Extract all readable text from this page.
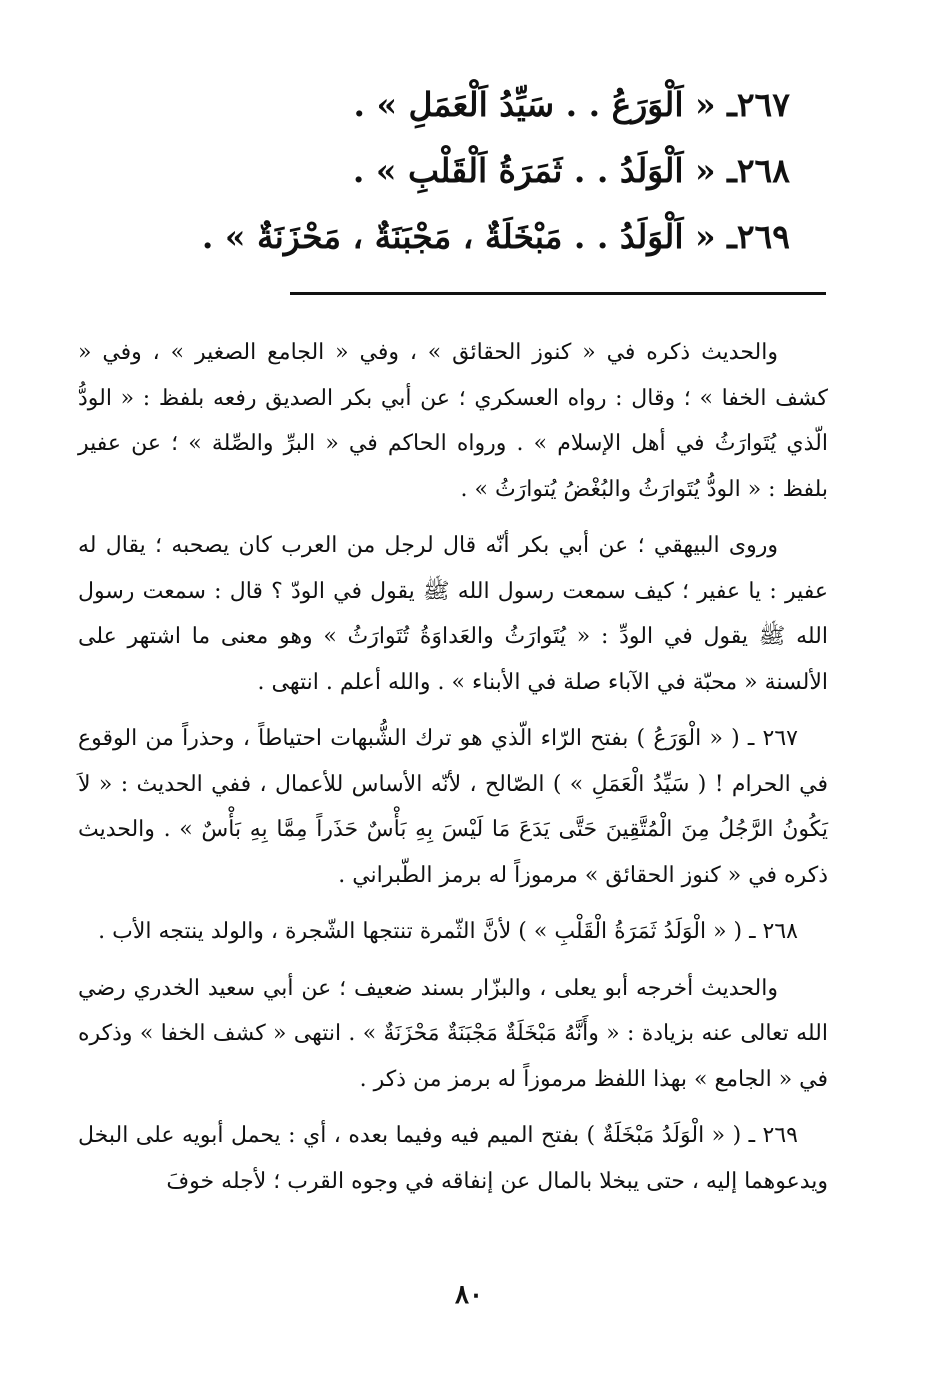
٢٦٧ـ « اَلْوَرَعُ . . سَيِّدُ اَلْعَمَلِ » .
٢٦٨ـ « اَلْوَلَدُ . . ثَمَرَةُ اَلْقَلْبِ » .
٢٦٩ـ « اَلْوَلَدُ . . مَبْخَلَةٌ ، مَجْبَنَةٌ ، مَحْزَنَةٌ » .

والحديث ذكره في « كنوز الحقائق » ، وفي « الجامع الصغير » ، وفي « كشف الخفا » ؛ وقال : رواه العسكري ؛ عن أبي بكر الصديق رفعه بلفظ : « الودُّ الّذي يُتَوارَثُ في أهل الإسلام » . ورواه الحاكم في « البرِّ والصِّلة » ؛ عن عفير بلفظ : « الودُّ يُتَوارَثُ والبُغْضُ يُتوارَثُ » .

وروى البيهقي ؛ عن أبي بكر أنّه قال لرجل من العرب كان يصحبه ؛ يقال له عفير : يا عفير ؛ كيف سمعت رسول الله ﷺ يقول في الودّ ؟ قال : سمعت رسول الله ﷺ يقول في الودِّ : « يُتَوارَثُ والعَداوَةُ تُتَوارَثُ » وهو معنى ما اشتهر على الألسنة « محبّة في الآباء صلة في الأبناء » . والله أعلم . انتهى .

٢٦٧ ـ ( « الْوَرَعُ ) بفتح الرّاء الّذي هو ترك الشُّبهات احتياطاً ، وحذراً من الوقوع في الحرام ! ( سَيِّدُ الْعَمَلِ » ) الصّالح ، لأنّه الأساس للأعمال ، ففي الحديث : « لاَ يَكُونُ الرَّجُلُ مِنَ الْمُتَّقِينَ حَتَّى يَدَعَ مَا لَيْسَ بِهِ بَأْسٌ حَذَراً مِمَّا بِهِ بَأْسٌ » . والحديث ذكره في « كنوز الحقائق » مرموزاً له برمز الطّبراني .

٢٦٨ ـ ( « الْوَلَدُ ثَمَرَةُ الْقَلْبِ » ) لأنَّ الثّمرة تنتجها الشّجرة ، والولد ينتجه الأب .

والحديث أخرجه أبو يعلى ، والبزّار بسند ضعيف ؛ عن أبي سعيد الخدري رضي الله تعالى عنه بزيادة : « وأَنَّهُ مَبْخَلَةٌ مَجْبَنَةٌ مَحْزَنَةٌ » . انتهى « كشف الخفا » وذكره في « الجامع » بهذا اللفظ مرموزاً له برمز من ذكر .

٢٦٩ ـ ( « الْوَلَدُ مَبْخَلَةٌ ) بفتح الميم فيه وفيما بعده ، أي : يحمل أبويه على البخل ويدعوهما إليه ، حتى يبخلا بالمال عن إنفاقه في وجوه القرب ؛ لأجله خوفَ

٨٠
